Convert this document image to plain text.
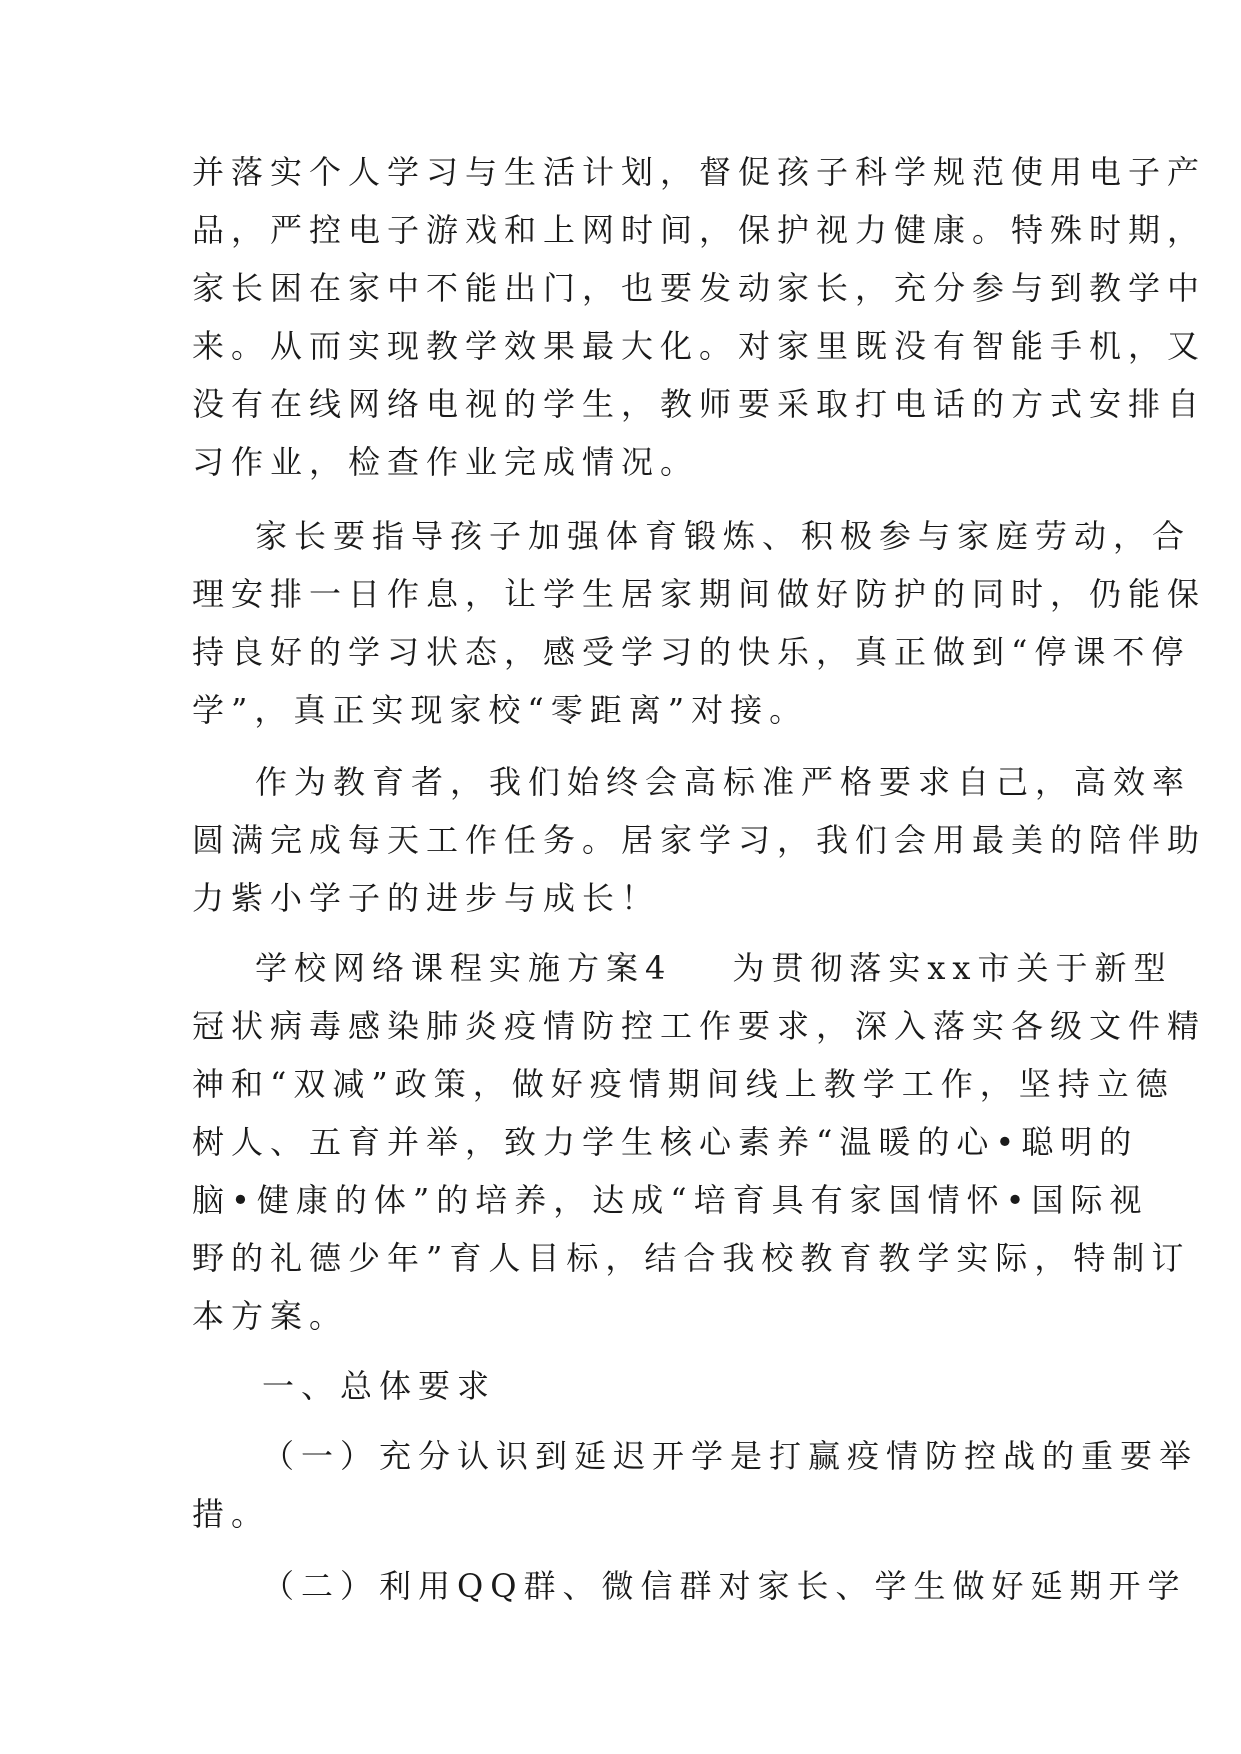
并落实个人学习与生活计划，督促孩子科学规范使用电子产
品，严控电子游戏和上网时间，保护视力健康。特殊时期，
家长困在家中不能出门，也要发动家长，充分参与到教学中
来。从而实现教学效果最大化。对家里既没有智能手机，又
没有在线网络电视的学生，教师要采取打电话的方式安排自
习作业，检查作业完成情况。
家长要指导孩子加强体育锻炼、积极参与家庭劳动，合
理安排一日作息，让学生居家期间做好防护的同时，仍能保
持良好的学习状态，感受学习的快乐，真正做到“停课不停
学”，真正实现家校“零距离”对接。
作为教育者，我们始终会高标准严格要求自己，高效率
圆满完成每天工作任务。居家学习，我们会用最美的陪伴助
力紫小学子的进步与成长！
学校网络课程实施方案4 为贯彻落实xx市关于新型
冠状病毒感染肺炎疫情防控工作要求，深入落实各级文件精
神和“双减”政策，做好疫情期间线上教学工作，坚持立德
树人、五育并举，致力学生核心素养“温暖的心•聪明的
脑•健康的体”的培养，达成“培育具有家国情怀•国际视
野的礼德少年”育人目标，结合我校教育教学实际，特制订
本方案。
一、总体要求
（一）充分认识到延迟开学是打赢疫情防控战的重要举
措。
（二）利用QQ群、微信群对家长、学生做好延期开学
